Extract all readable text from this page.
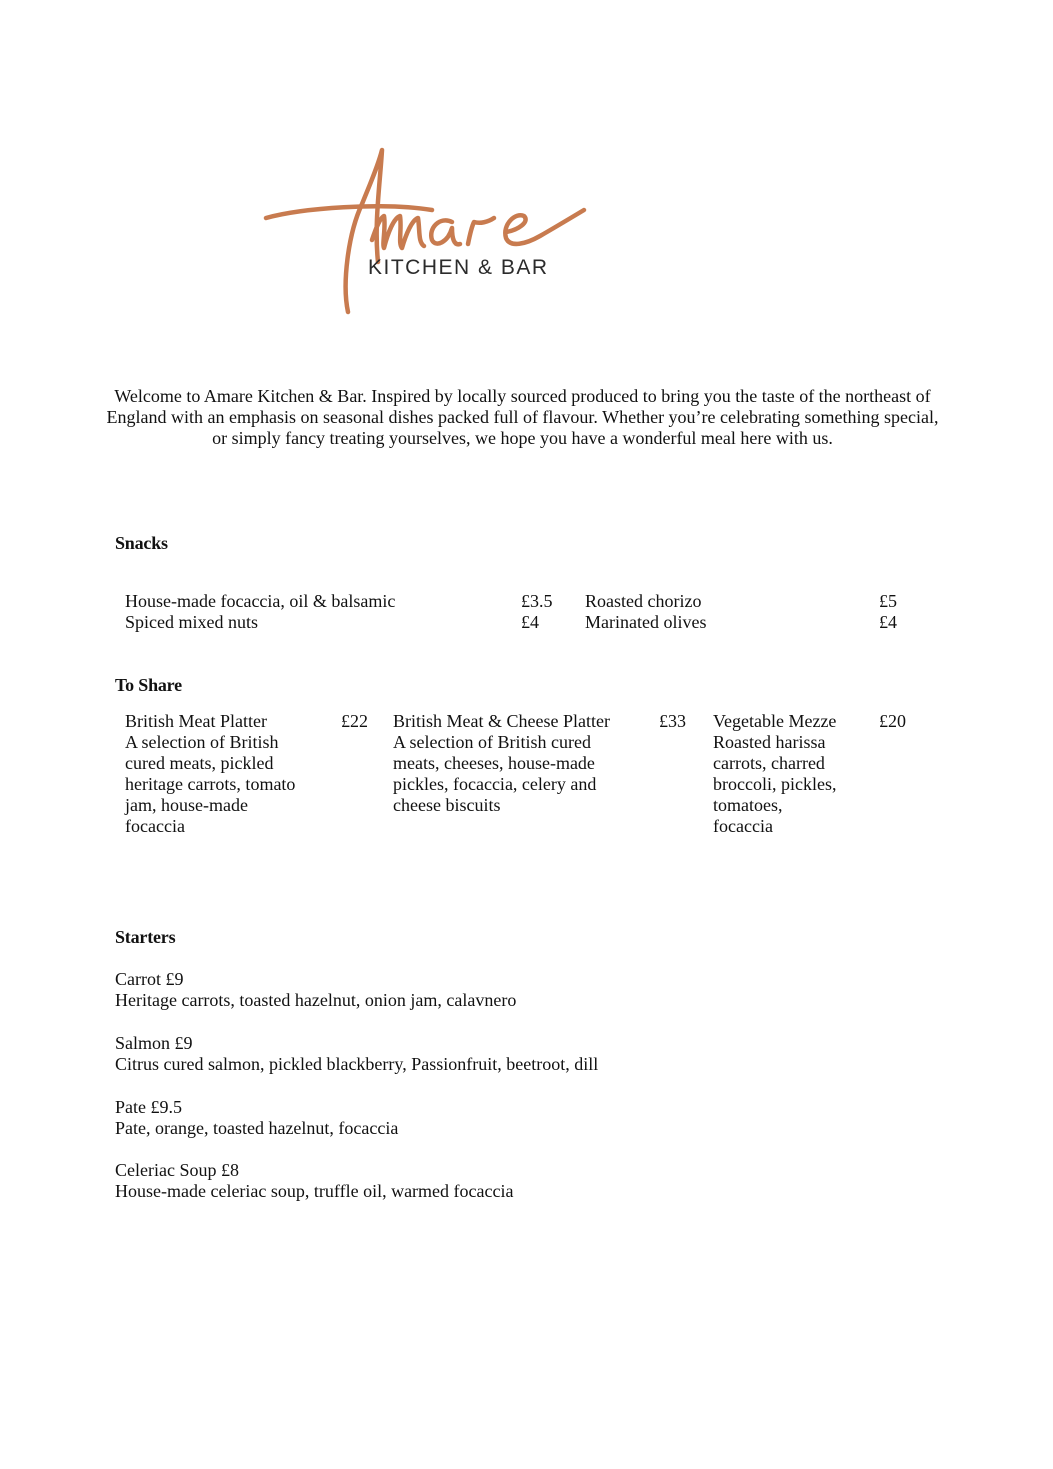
KITCHEN & BAR
Welcome to Amare Kitchen & Bar. Inspired by locally sourced produced to bring you the taste of the northeast of England with an emphasis on seasonal dishes packed full of flavour. Whether you’re celebrating something special, or simply fancy treating yourselves, we hope you have a wonderful meal here with us.
Snacks
House-made focaccia, oil & balsamic	£3.5
Spiced mixed nuts	£4
Roasted chorizo	£5
Marinated olives	£4
To Share
British Meat Platter	£22
A selection of British
cured meats, pickled
heritage carrots, tomato
jam, house-made
focaccia
British Meat & Cheese Platter	£33
A selection of British cured
meats, cheeses, house-made
pickles, focaccia, celery and
cheese biscuits
Vegetable Mezze	£20
Roasted harissa
carrots, charred
broccoli, pickles,
tomatoes,
focaccia
Starters
Carrot £9
Heritage carrots, toasted hazelnut, onion jam, calavnero
Salmon £9
Citrus cured salmon, pickled blackberry, Passionfruit, beetroot, dill
Pate £9.5
Pate, orange, toasted hazelnut, focaccia
Celeriac Soup £8
House-made celeriac soup, truffle oil, warmed focaccia
